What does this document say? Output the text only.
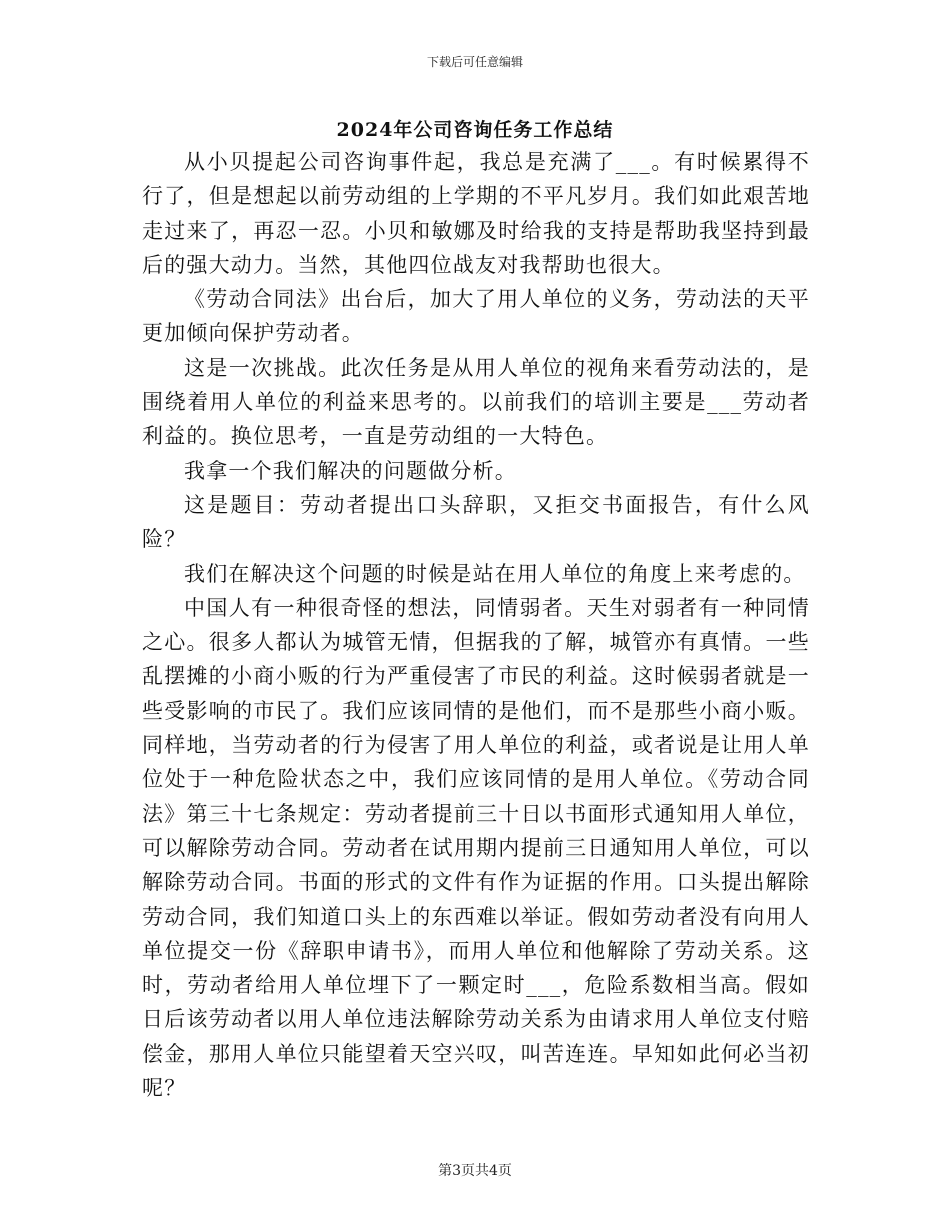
下载后可任意编辑
2024年公司咨询任务工作总结

从小贝提起公司咨询事件起，我总是充满了___。有时候累得不行了，但是想起以前劳动组的上学期的不平凡岁月。我们如此艰苦地走过来了，再忍一忍。小贝和敏娜及时给我的支持是帮助我坚持到最后的强大动力。当然，其他四位战友对我帮助也很大。

《劳动合同法》出台后，加大了用人单位的义务，劳动法的天平更加倾向保护劳动者。

这是一次挑战。此次任务是从用人单位的视角来看劳动法的，是围绕着用人单位的利益来思考的。以前我们的培训主要是___劳动者利益的。换位思考，一直是劳动组的一大特色。

我拿一个我们解决的问题做分析。

这是题目：劳动者提出口头辞职，又拒交书面报告，有什么风险？

我们在解决这个问题的时候是站在用人单位的角度上来考虑的。

中国人有一种很奇怪的想法，同情弱者。天生对弱者有一种同情之心。很多人都认为城管无情，但据我的了解，城管亦有真情。一些乱摆摊的小商小贩的行为严重侵害了市民的利益。这时候弱者就是一些受影响的市民了。我们应该同情的是他们，而不是那些小商小贩。同样地，当劳动者的行为侵害了用人单位的利益，或者说是让用人单位处于一种危险状态之中，我们应该同情的是用人单位。《劳动合同法》第三十七条规定：劳动者提前三十日以书面形式通知用人单位，可以解除劳动合同。劳动者在试用期内提前三日通知用人单位，可以解除劳动合同。书面的形式的文件有作为证据的作用。口头提出解除劳动合同，我们知道口头上的东西难以举证。假如劳动者没有向用人单位提交一份《辞职申请书》，而用人单位和他解除了劳动关系。这时，劳动者给用人单位埋下了一颗定时___，危险系数相当高。假如日后该劳动者以用人单位违法解除劳动关系为由请求用人单位支付赔偿金，那用人单位只能望着天空兴叹，叫苦连连。早知如此何必当初呢？

第3页共4页
